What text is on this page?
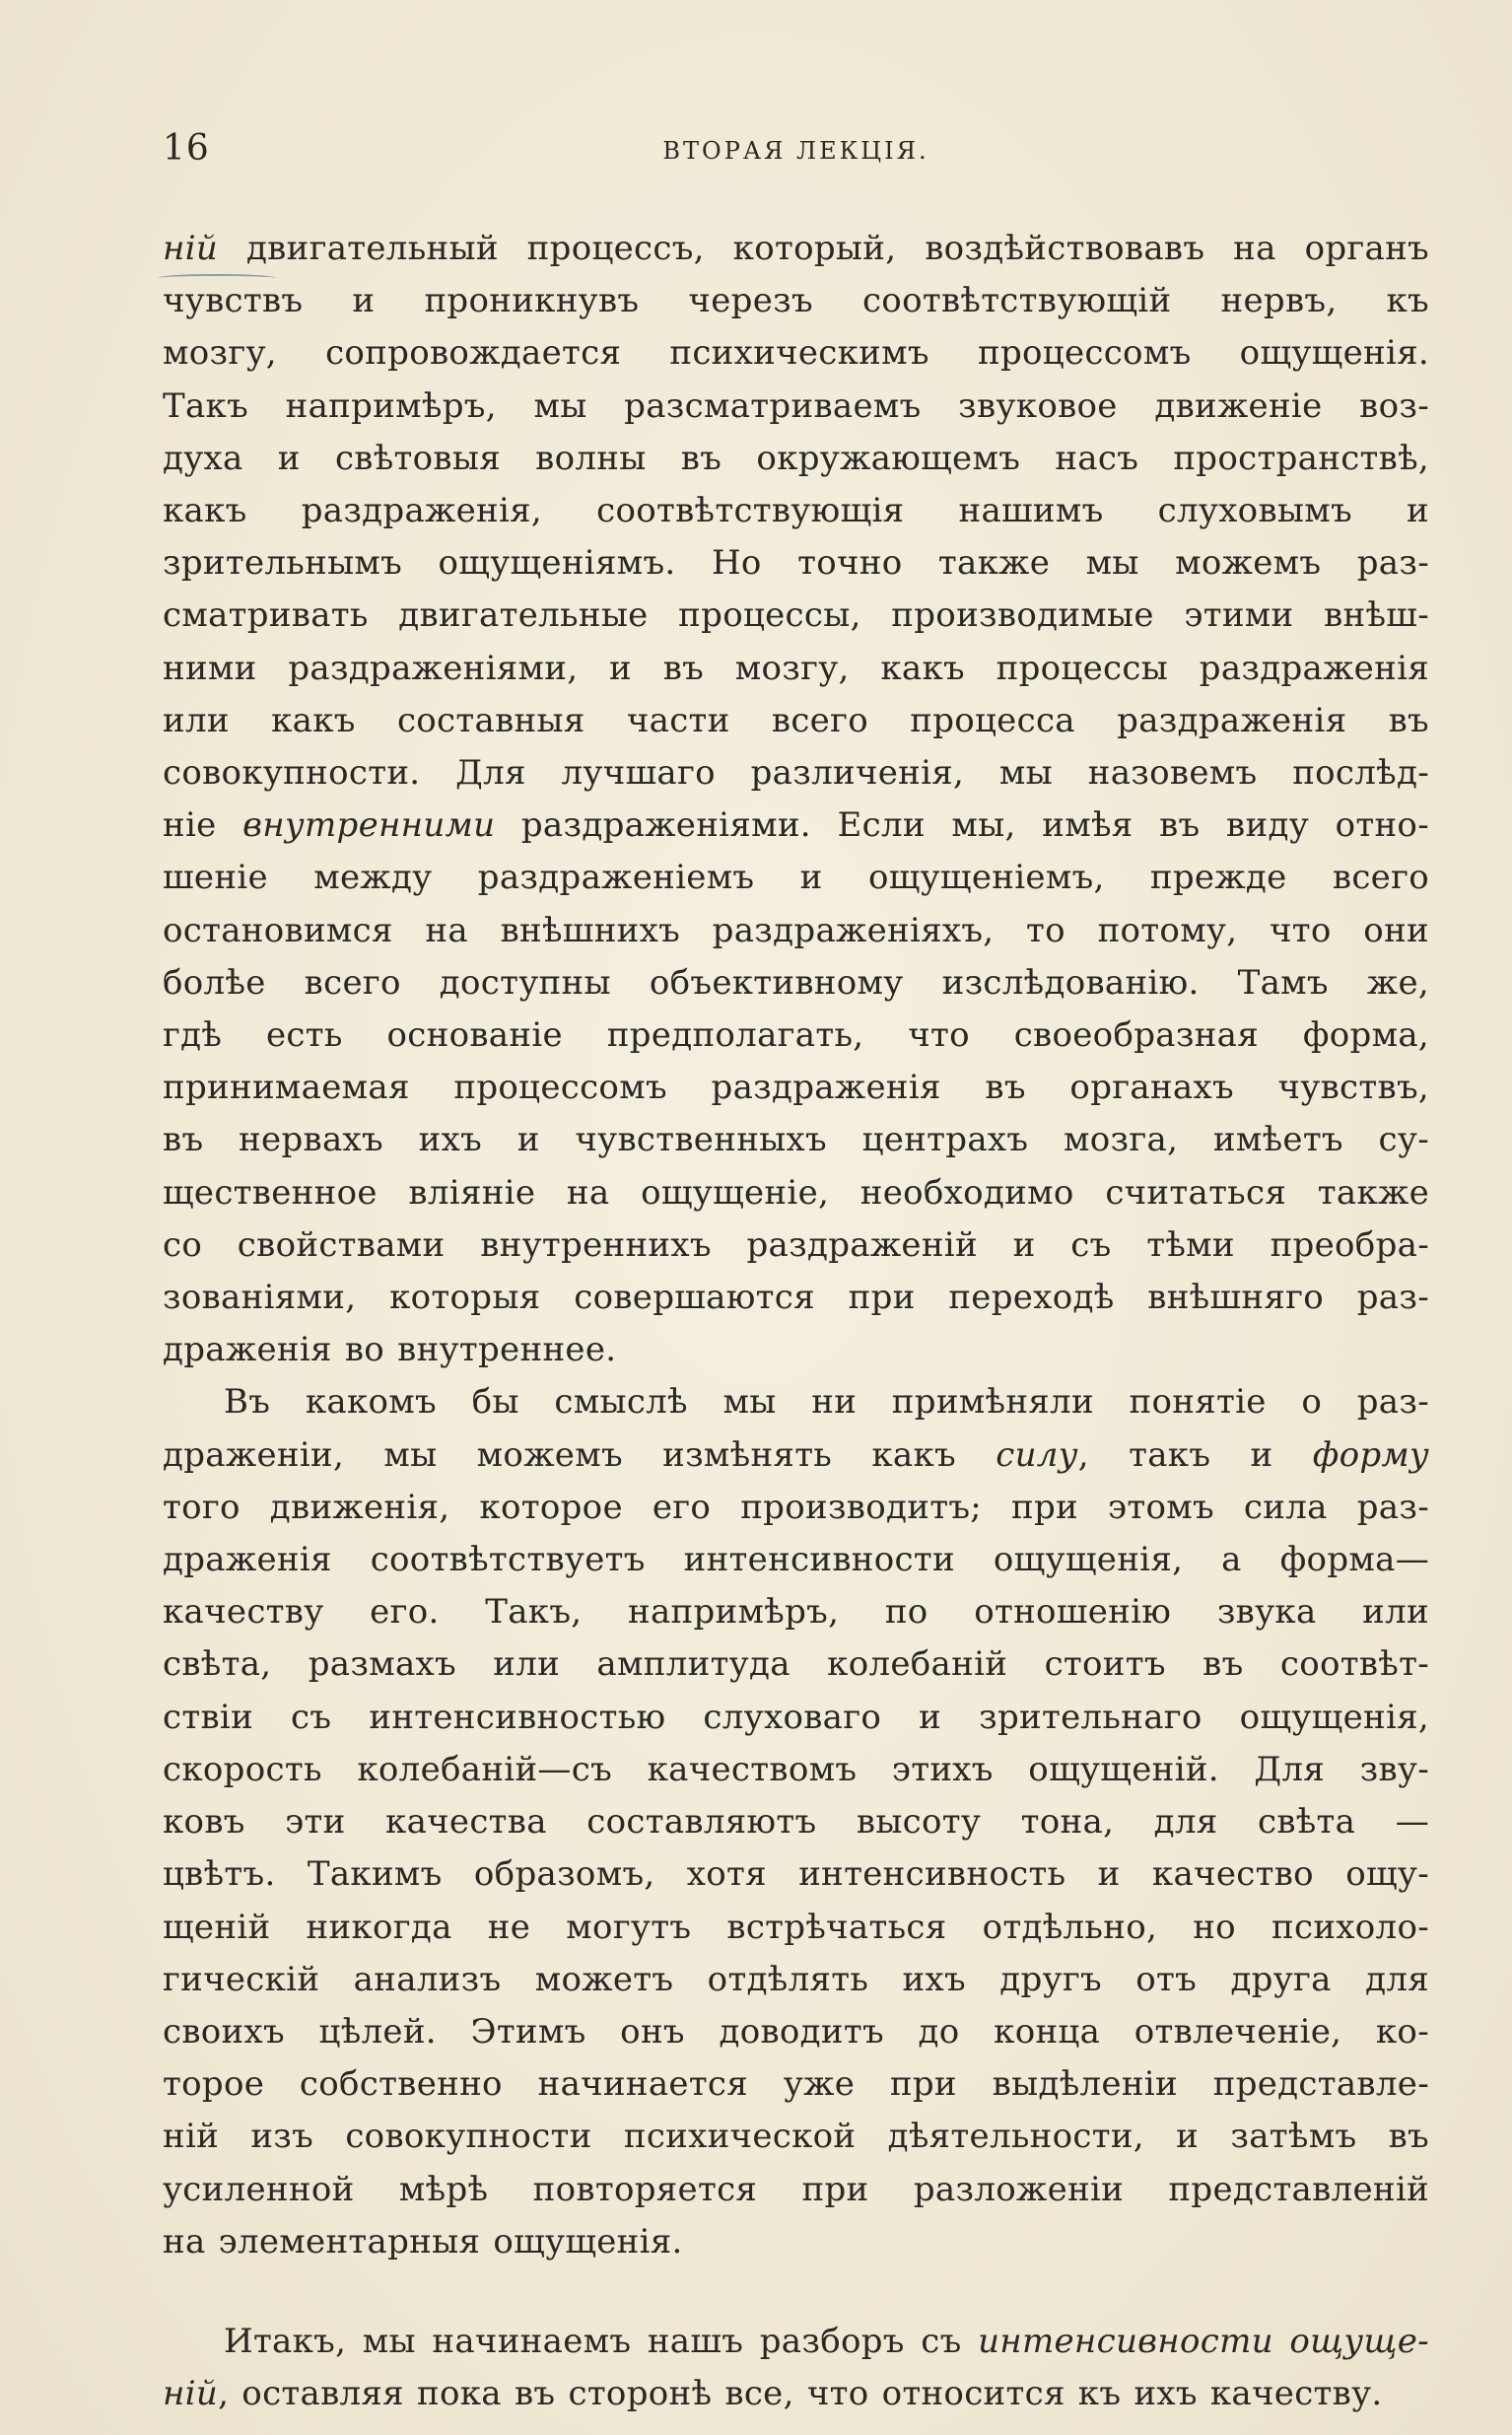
16	ВТОРАЯ ЛЕКЦІЯ.
ній двигательный процессъ, который, воздѣйствовавъ на органъ
чувствъ и проникнувъ черезъ соотвѣтствующій нервъ, къ
мозгу, сопровождается психическимъ процессомъ ощущенія.
Такъ напримѣръ, мы разсматриваемъ звуковое движеніе воз-
духа и свѣтовыя волны въ окружающемъ насъ пространствѣ,
какъ раздраженія, соотвѣтствующія нашимъ слуховымъ и
зрительнымъ ощущеніямъ. Но точно также мы можемъ раз-
сматривать двигательные процессы, производимые этими внѣш-
ними раздраженіями, и въ мозгу, какъ процессы раздраженія
или какъ составныя части всего процесса раздраженія въ
совокупности. Для лучшаго различенія, мы назовемъ послѣд-
ніе внутренними раздраженіями. Если мы, имѣя въ виду отно-
шеніе между раздраженіемъ и ощущеніемъ, прежде всего
остановимся на внѣшнихъ раздраженіяхъ, то потому, что они
болѣе всего доступны объективному изслѣдованію. Тамъ же,
гдѣ есть основаніе предполагать, что своеобразная форма,
принимаемая процессомъ раздраженія въ органахъ чувствъ,
въ нервахъ ихъ и чувственныхъ центрахъ мозга, имѣетъ су-
щественное вліяніе на ощущеніе, необходимо считаться также
со свойствами внутреннихъ раздраженій и съ тѣми преобра-
зованіями, которыя совершаются при переходѣ внѣшняго раз-
драженія во внутреннее.
Въ какомъ бы смыслѣ мы ни примѣняли понятіе о раз-
драженіи, мы можемъ измѣнять какъ силу, такъ и форму
того движенія, которое его производитъ; при этомъ сила раз-
драженія соотвѣтствуетъ интенсивности ощущенія, а форма—
качеству его. Такъ, напримѣръ, по отношенію звука или
свѣта, размахъ или амплитуда колебаній стоитъ въ соотвѣт-
ствіи съ интенсивностью слуховаго и зрительнаго ощущенія,
скорость колебаній—съ качествомъ этихъ ощущеній. Для зву-
ковъ эти качества составляютъ высоту тона, для свѣта —
цвѣтъ. Такимъ образомъ, хотя интенсивность и качество ощу-
щеній никогда не могутъ встрѣчаться отдѣльно, но психоло-
гическій анализъ можетъ отдѣлять ихъ другъ отъ друга для
своихъ цѣлей. Этимъ онъ доводитъ до конца отвлеченіе, ко-
торое собственно начинается уже при выдѣленіи представле-
ній изъ совокупности психической дѣятельности, и затѣмъ въ
усиленной мѣрѣ повторяется при разложеніи представленій
на элементарныя ощущенія.
Итакъ, мы начинаемъ нашъ разборъ съ интенсивности ощуще-
ній, оставляя пока въ сторонѣ все, что относится къ ихъ качеству.
